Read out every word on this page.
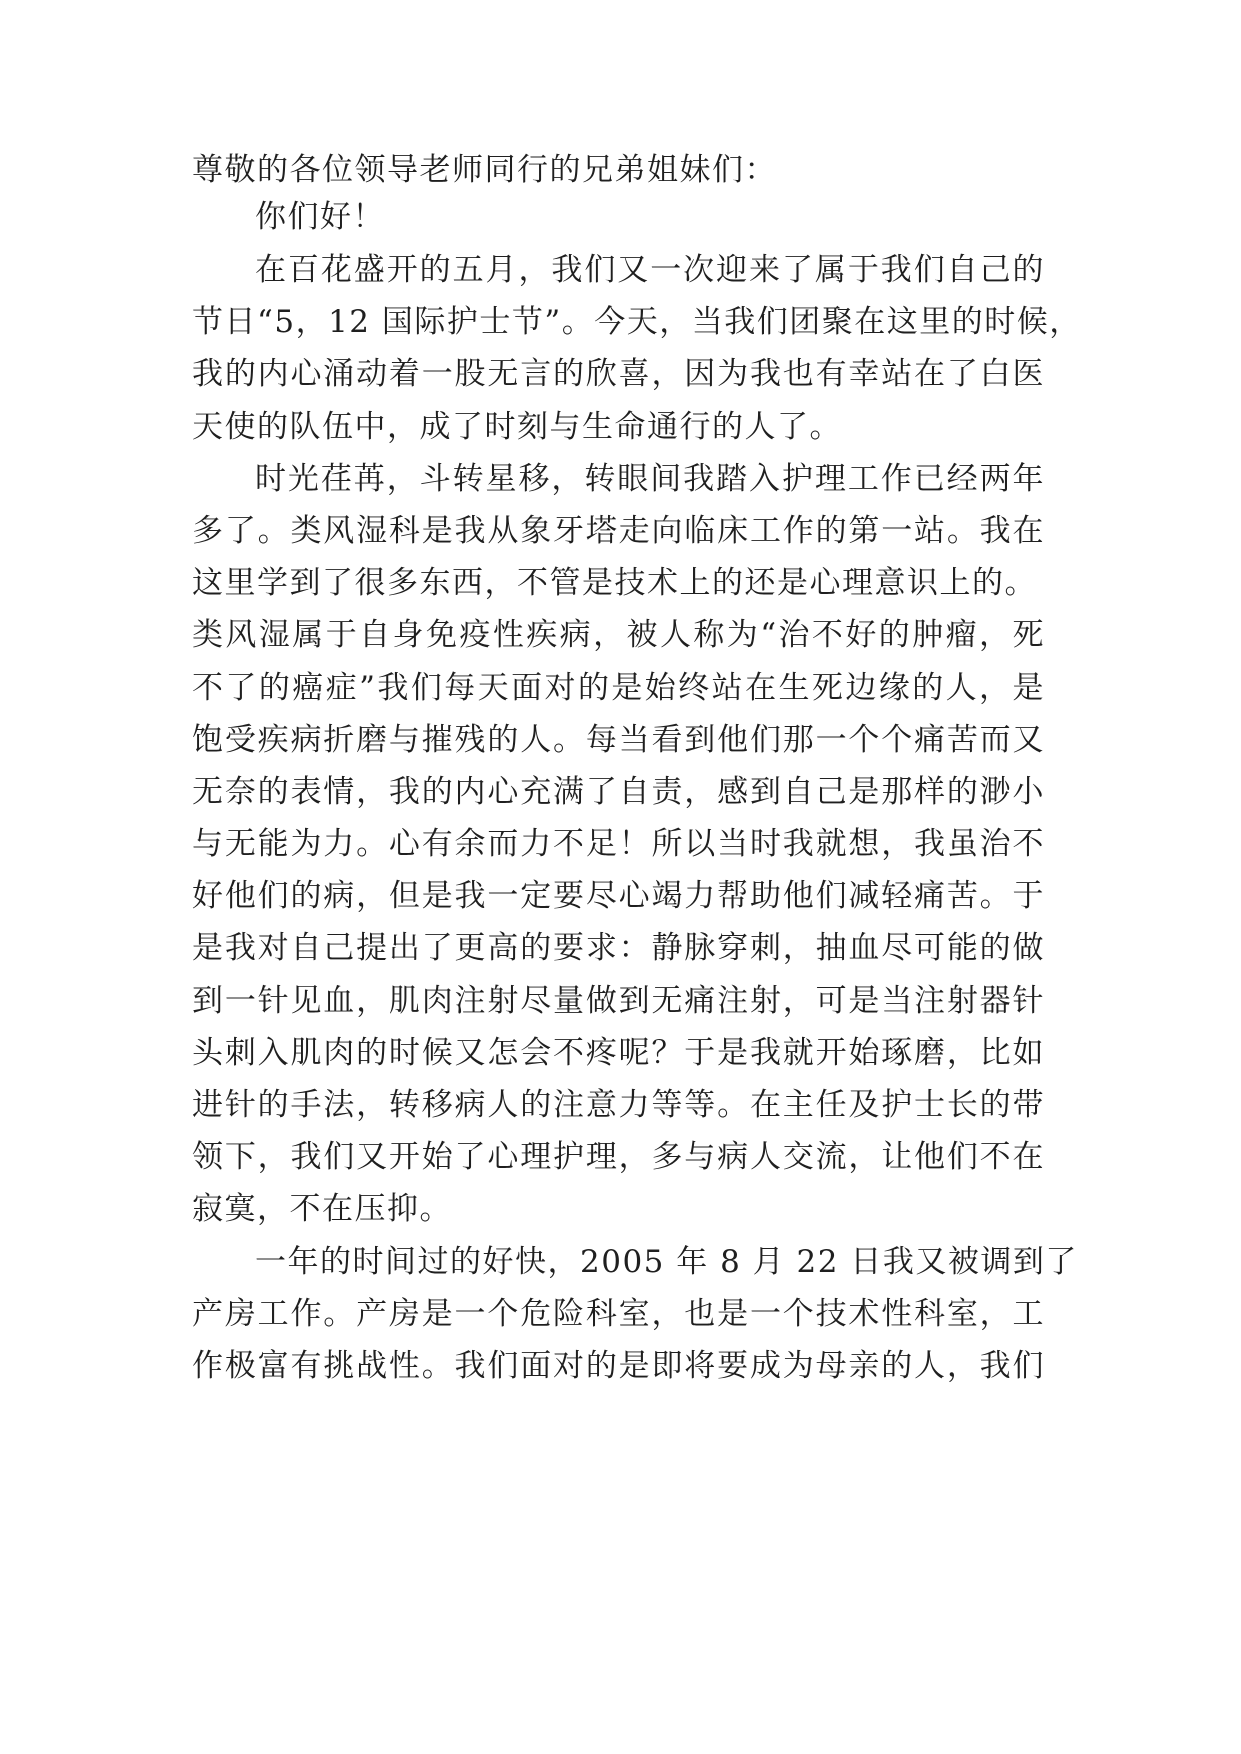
尊敬的各位领导老师同行的兄弟姐妹们：
你们好！
在百花盛开的五月，我们又一次迎来了属于我们自己的
节日“5，12 国际护士节”。今天，当我们团聚在这里的时候，
我的内心涌动着一股无言的欣喜，因为我也有幸站在了白医
天使的队伍中，成了时刻与生命通行的人了。
时光荏苒，斗转星移，转眼间我踏入护理工作已经两年
多了。类风湿科是我从象牙塔走向临床工作的第一站。我在
这里学到了很多东西，不管是技术上的还是心理意识上的。
类风湿属于自身免疫性疾病，被人称为“治不好的肿瘤，死
不了的癌症”我们每天面对的是始终站在生死边缘的人，是
饱受疾病折磨与摧残的人。每当看到他们那一个个痛苦而又
无奈的表情，我的内心充满了自责，感到自己是那样的渺小
与无能为力。心有余而力不足！所以当时我就想，我虽治不
好他们的病，但是我一定要尽心竭力帮助他们减轻痛苦。于
是我对自己提出了更高的要求：静脉穿刺，抽血尽可能的做
到一针见血，肌肉注射尽量做到无痛注射，可是当注射器针
头刺入肌肉的时候又怎会不疼呢？于是我就开始琢磨，比如
进针的手法，转移病人的注意力等等。在主任及护士长的带
领下，我们又开始了心理护理，多与病人交流，让他们不在
寂寞，不在压抑。
一年的时间过的好快，2005 年 8 月 22 日我又被调到了
产房工作。产房是一个危险科室，也是一个技术性科室，工
作极富有挑战性。我们面对的是即将要成为母亲的人，我们
